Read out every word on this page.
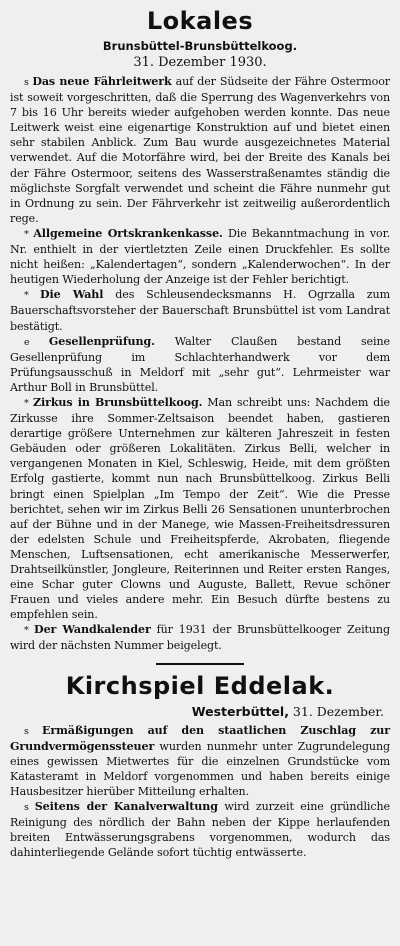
Lokales
Brunsbüttel-Brunsbüttelkoog.
31. Dezember 1930.

s Das neue Fährleitwerk auf der Südseite der Fähre Ostermoor ist soweit vorgeschritten, daß die Sperrung des Wagenverkehrs von 7 bis 16 Uhr bereits wieder aufgehoben werden konnte. Das neue Leitwerk weist eine eigenartige Konstruktion auf und bietet einen sehr stabilen Anblick. Zum Bau wurde ausgezeichnetes Material verwendet. Auf die Motorfähre wird, bei der Breite des Kanals bei der Fähre Ostermoor, seitens des Wasserstraßenamtes ständig die möglichste Sorgfalt verwendet und scheint die Fähre nunmehr gut in Ordnung zu sein. Der Fährverkehr ist zeitweilig außerordentlich rege.

* Allgemeine Ortskrankenkasse. Die Bekanntmachung in vor. Nr. enthielt in der viertletzten Zeile einen Druckfehler. Es sollte nicht heißen: „Kalendertagen“, sondern „Kalenderwochen“. In der heutigen Wiederholung der Anzeige ist der Fehler berichtigt.

* Die Wahl des Schleusendecksmanns H. Ogrzalla zum Bauerschaftsvorsteher der Bauerschaft Brunsbüttel ist vom Landrat bestätigt.

e Gesellenprüfung. Walter Claußen bestand seine Gesellenprüfung im Schlachterhandwerk vor dem Prüfungsausschuß in Meldorf mit „sehr gut“. Lehrmeister war Arthur Boll in Brunsbüttel.

* Zirkus in Brunsbüttelkoog. Man schreibt uns: Nachdem die Zirkusse ihre Sommer-Zeltsaison beendet haben, gastieren derartige größere Unternehmen zur kälteren Jahreszeit in festen Gebäuden oder größeren Lokalitäten. Zirkus Belli, welcher in vergangenen Monaten in Kiel, Schleswig, Heide, mit dem größten Erfolg gastierte, kommt nun nach Brunsbüttelkoog. Zirkus Belli bringt einen Spielplan „Im Tempo der Zeit“. Wie die Presse berichtet, sehen wir im Zirkus Belli 26 Sensationen ununterbrochen auf der Bühne und in der Manege, wie Massen-Freiheitsdressuren der edelsten Schule und Freiheitspferde, Akrobaten, fliegende Menschen, Luftsensationen, echt amerikanische Messerwerfer, Drahtseilkünstler, Jongleure, Reiterinnen und Reiter ersten Ranges, eine Schar guter Clowns und Auguste, Ballett, Revue schöner Frauen und vieles andere mehr. Ein Besuch dürfte bestens zu empfehlen sein.

* Der Wandkalender für 1931 der Brunsbüttelkooger Zeitung wird der nächsten Nummer beigelegt.

Kirchspiel Eddelak.
Westerbüttel, 31. Dezember.

s Ermäßigungen auf den staatlichen Zuschlag zur Grundvermögenssteuer wurden nunmehr unter Zugrundelegung eines gewissen Mietwertes für die einzelnen Grundstücke vom Katasteramt in Meldorf vorgenommen und haben bereits einige Hausbesitzer hierüber Mitteilung erhalten.

s Seitens der Kanalverwaltung wird zurzeit eine gründliche Reinigung des nördlich der Bahn neben der Kippe herlaufenden breiten Entwässerungsgrabens vorgenommen, wodurch das dahinterliegende Gelände sofort tüchtig entwässerte.
